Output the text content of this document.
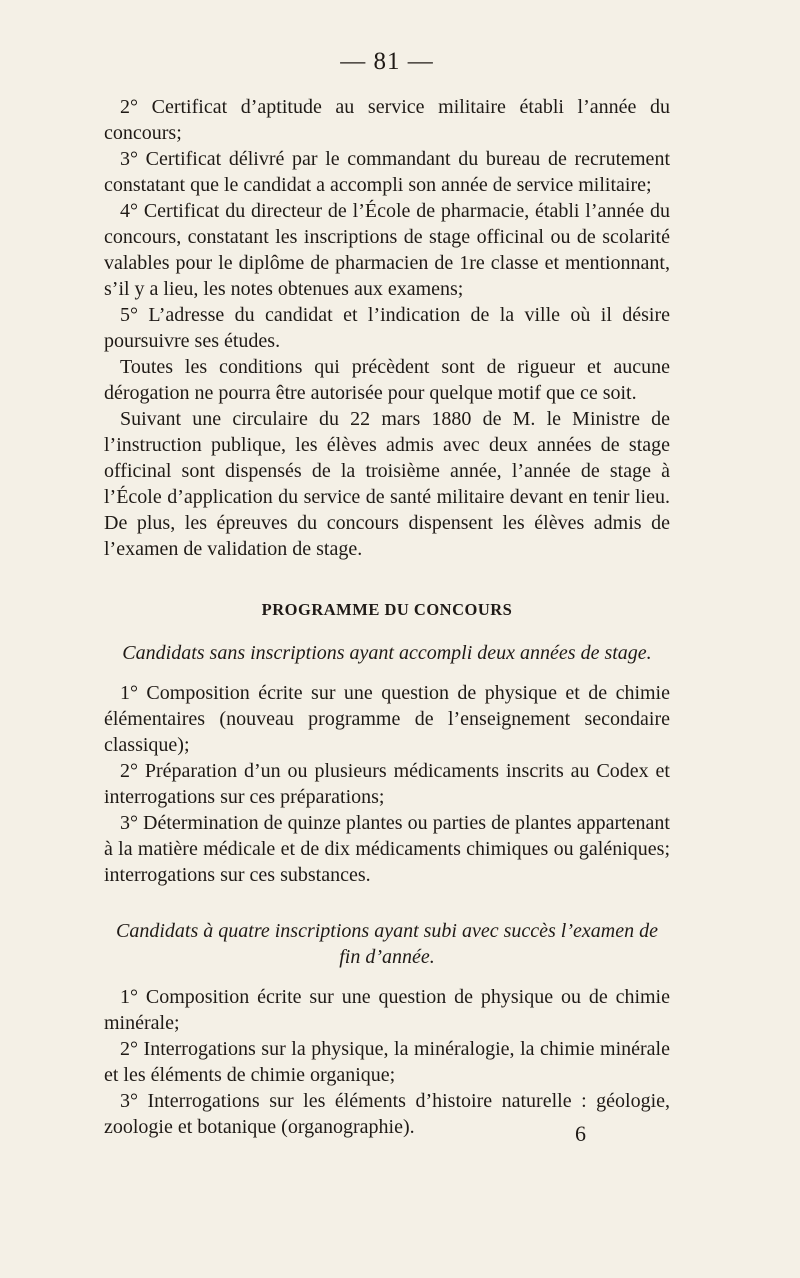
— 81 —

2° Certificat d’aptitude au service militaire établi l’année du concours;

3° Certificat délivré par le commandant du bureau de recrutement constatant que le candidat a accompli son année de service militaire;

4° Certificat du directeur de l’École de pharmacie, établi l’année du concours, constatant les inscriptions de stage officinal ou de scolarité valables pour le diplôme de pharmacien de 1re classe et mentionnant, s’il y a lieu, les notes obtenues aux examens;

5° L’adresse du candidat et l’indication de la ville où il désire poursuivre ses études.

Toutes les conditions qui précèdent sont de rigueur et aucune dérogation ne pourra être autorisée pour quelque motif que ce soit.

Suivant une circulaire du 22 mars 1880 de M. le Ministre de l’instruction publique, les élèves admis avec deux années de stage officinal sont dispensés de la troisième année, l’année de stage à l’École d’application du service de santé militaire devant en tenir lieu. De plus, les épreuves du concours dispensent les élèves admis de l’examen de validation de stage.

PROGRAMME DU CONCOURS
Candidats sans inscriptions ayant accompli deux années de stage.

1° Composition écrite sur une question de physique et de chimie élémentaires (nouveau programme de l’enseignement secondaire classique);

2° Préparation d’un ou plusieurs médicaments inscrits au Codex et interrogations sur ces préparations;

3° Détermination de quinze plantes ou parties de plantes appartenant à la matière médicale et de dix médicaments chimiques ou galéniques; interrogations sur ces substances.

Candidats à quatre inscriptions ayant subi avec succès l’examen de fin d’année.

1° Composition écrite sur une question de physique ou de chimie minérale;

2° Interrogations sur la physique, la minéralogie, la chimie minérale et les éléments de chimie organique;

3° Interrogations sur les éléments d’histoire naturelle : géologie, zoologie et botanique (organographie).	6
